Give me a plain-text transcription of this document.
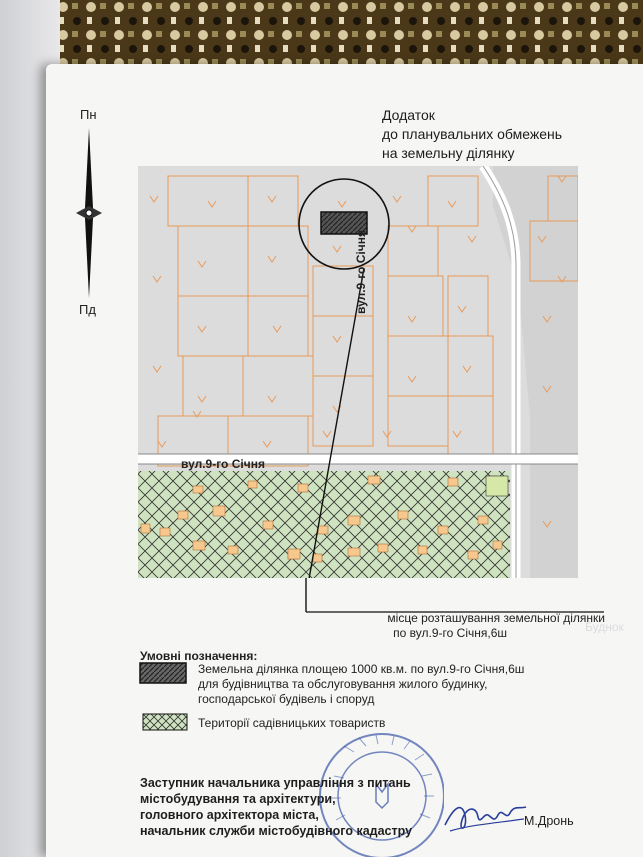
Буднок
Пн
Пд
Додаток
до планувальних обмежень
на земельну ділянку
вул.9-го Січня
вул.9-го Січня
місце розташування земельної ділянки
по вул.9-го Січня,6ш
Умовні позначення:
Земельна ділянка площею 1000 кв.м. по вул.9-го Січня,6ш
для будівництва та обслуговування жилого будинку,
господарської будівель і споруд
Території садівницьких товариств
Заступник начальника управління з питань
містобудування та архітектури,
головного архітектора міста,
начальник служби містобудівного кадастру
М.Дронь
